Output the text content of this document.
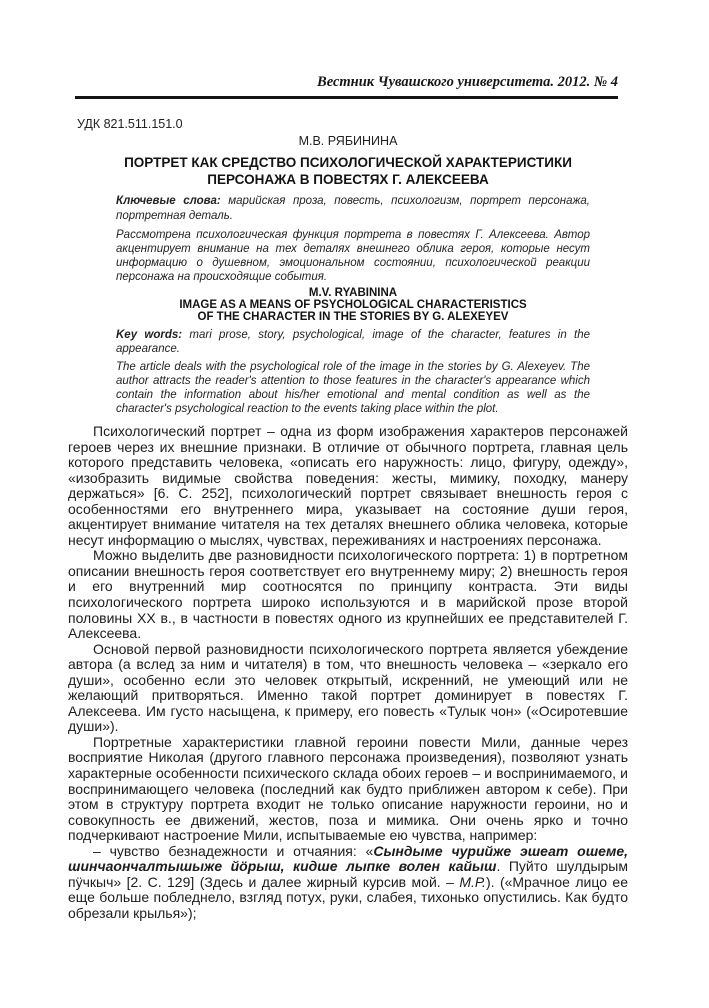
Вестник Чувашского университета. 2012. № 4
УДК 821.511.151.0
М.В. РЯБИНИНА
ПОРТРЕТ КАК СРЕДСТВО ПСИХОЛОГИЧЕСКОЙ ХАРАКТЕРИСТИКИ
ПЕРСОНАЖА В ПОВЕСТЯХ Г. АЛЕКСЕЕВА

Ключевые слова: марийская проза, повесть, психологизм, портрет персонажа, портретная деталь.

Рассмотрена психологическая функция портрета в повестях Г. Алексеева. Автор акцентирует внимание на тех деталях внешнего облика героя, которые несут информацию о душевном, эмоциональном состоянии, психологической реакции персонажа на происходящие события.

M.V. RYABININA
IMAGE AS A MEANS OF PSYCHOLOGICAL CHARACTERISTICS
OF THE CHARACTER IN THE STORIES BY G. ALEXEYEV

Key words: mari prose, story, psychological, image of the character, features in the appearance.

The article deals with the psychological role of the image in the stories by G. Alexeyev. The author attracts the reader's attention to those features in the character's appearance which contain the information about his/her emotional and mental condition as well as the character's psychological reaction to the events taking place within the plot.

Психологический портрет – одна из форм изображения характеров персонажей героев через их внешние признаки. В отличие от обычного портрета, главная цель которого представить человека, «описать его наружность: лицо, фигуру, одежду», «изобразить видимые свойства поведения: жесты, мимику, походку, манеру держаться» [6. С. 252], психологический портрет связывает внешность героя с особенностями его внутреннего мира, указывает на состояние души героя, акцентирует внимание читателя на тех деталях внешнего облика человека, которые несут информацию о мыслях, чувствах, переживаниях и настроениях персонажа.

Можно выделить две разновидности психологического портрета: 1) в портретном описании внешность героя соответствует его внутреннему миру; 2) внешность героя и его внутренний мир соотносятся по принципу контраста. Эти виды психологического портрета широко используются и в марийской прозе второй половины XX в., в частности в повестях одного из крупнейших ее представителей Г. Алексеева.

Основой первой разновидности психологического портрета является убеждение автора (а вслед за ним и читателя) в том, что внешность человека – «зеркало его души», особенно если это человек открытый, искренний, не умеющий или не желающий притворяться. Именно такой портрет доминирует в повестях Г. Алексеева. Им густо насыщена, к примеру, его повесть «Тулык чон» («Осиротевшие души»).

Портретные характеристики главной героини повести Мили, данные через восприятие Николая (другого главного персонажа произведения), позволяют узнать характерные особенности психического склада обоих героев – и воспринимаемого, и воспринимающего человека (последний как будто приближен автором к себе). При этом в структуру портрета входит не только описание наружности героини, но и совокупность ее движений, жестов, поза и мимика. Они очень ярко и точно подчеркивают настроение Мили, испытываемые ею чувства, например:

– чувство безнадежности и отчаяния: «Сындыме чурийже эшеат ошеме, шинчаончалтышыже йӧрыш, кидше лыпке волен кайыш. Пуйто шулдырым пӱчкыч» [2. С. 129] (Здесь и далее жирный курсив мой. – М.Р.). («Мрачное лицо ее еще больше побледнело, взгляд потух, руки, слабея, тихонько опустились. Как будто обрезали крылья»);
